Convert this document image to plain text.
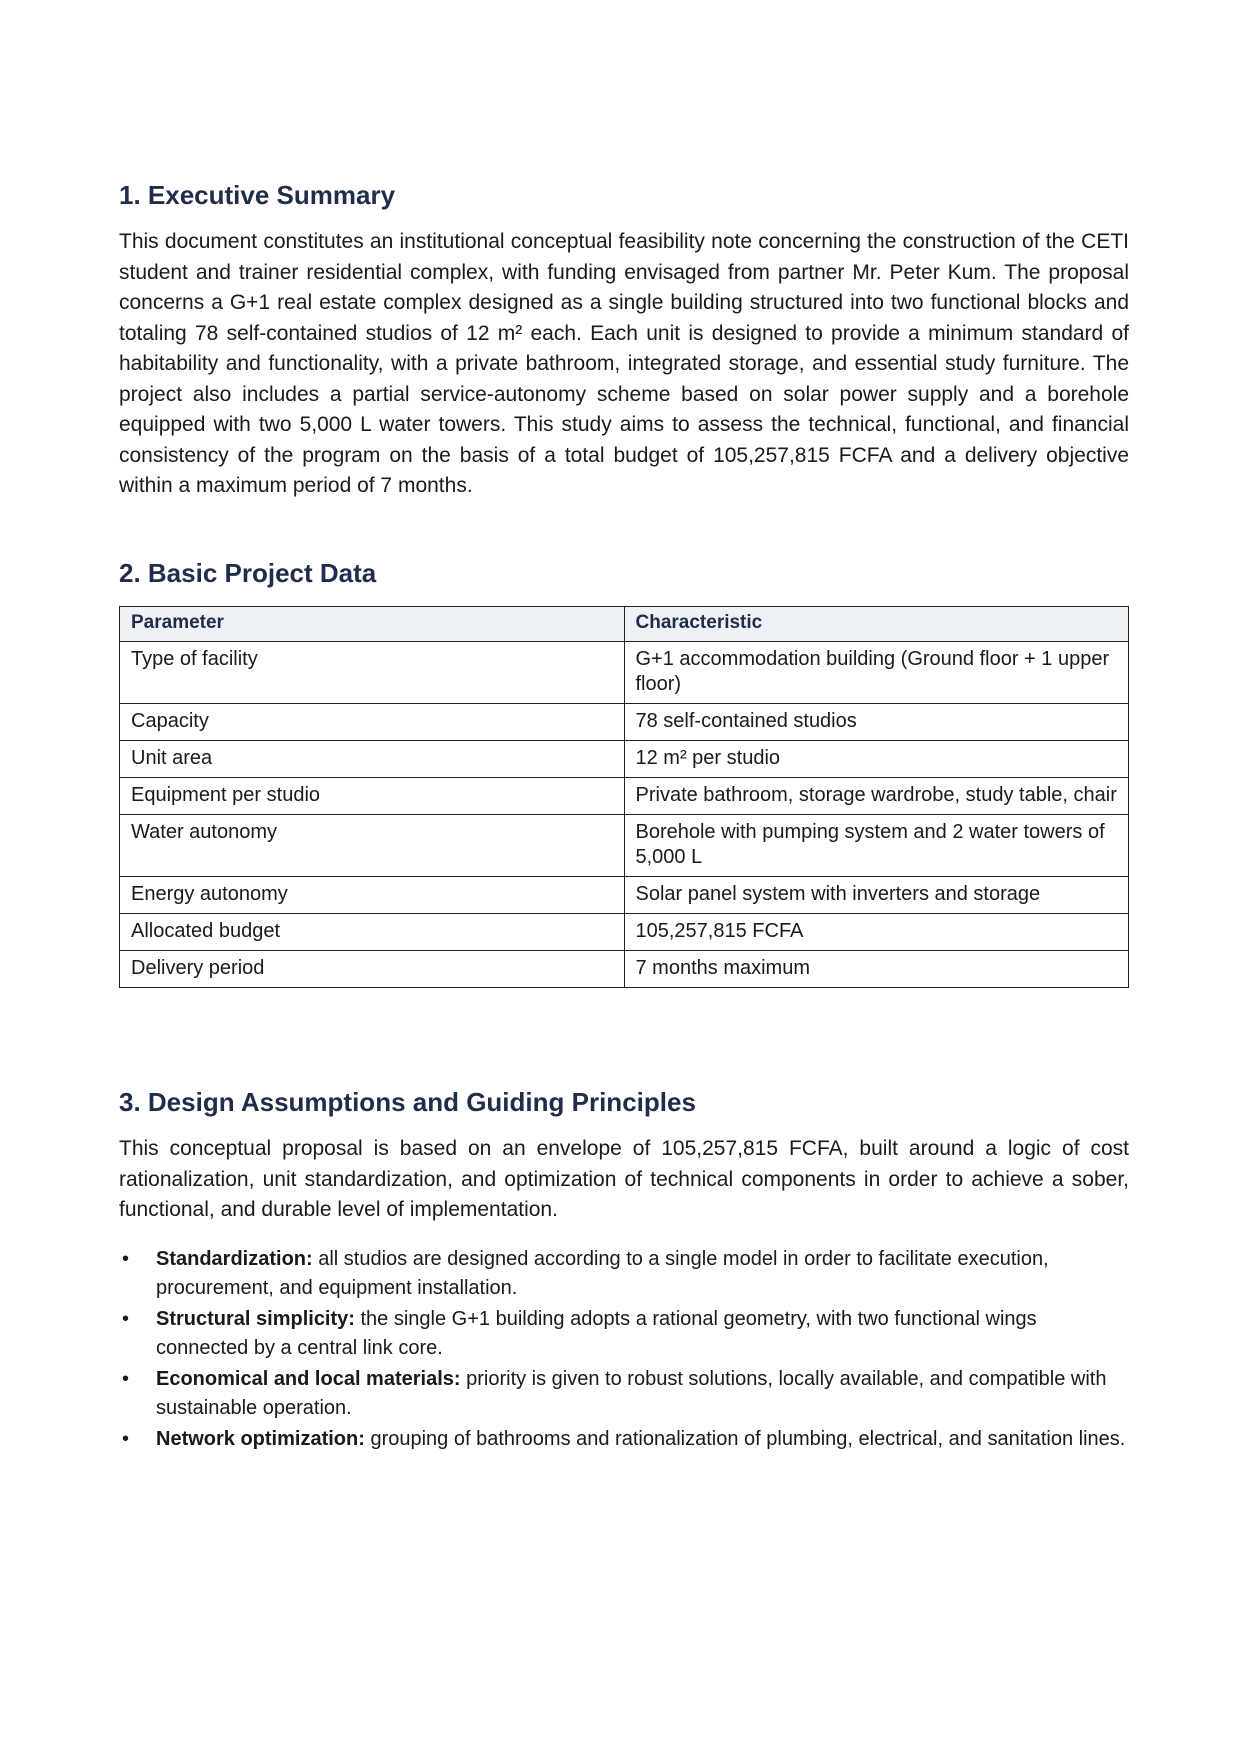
1. Executive Summary

This document constitutes an institutional conceptual feasibility note concerning the construction of the CETI student and trainer residential complex, with funding envisaged from partner Mr. Peter Kum. The proposal concerns a G+1 real estate complex designed as a single building structured into two functional blocks and totaling 78 self-contained studios of 12 m² each. Each unit is designed to provide a minimum standard of habitability and functionality, with a private bathroom, integrated storage, and essential study furniture. The project also includes a partial service-autonomy scheme based on solar power supply and a borehole equipped with two 5,000 L water towers. This study aims to assess the technical, functional, and financial consistency of the program on the basis of a total budget of 105,257,815 FCFA and a delivery objective within a maximum period of 7 months.

2. Basic Project Data
Parameter	Characteristic
Type of facility	G+1 accommodation building (Ground floor + 1 upper floor)
Capacity	78 self-contained studios
Unit area	12 m² per studio
Equipment per studio	Private bathroom, storage wardrobe, study table, chair
Water autonomy	Borehole with pumping system and 2 water towers of 5,000 L
Energy autonomy	Solar panel system with inverters and storage
Allocated budget	105,257,815 FCFA
Delivery period	7 months maximum
3. Design Assumptions and Guiding Principles

This conceptual proposal is based on an envelope of 105,257,815 FCFA, built around a logic of cost rationalization, unit standardization, and optimization of technical components in order to achieve a sober, functional, and durable level of implementation.

• Standardization: all studios are designed according to a single model in order to facilitate execution, procurement, and equipment installation.
• Structural simplicity: the single G+1 building adopts a rational geometry, with two functional wings connected by a central link core.
• Economical and local materials: priority is given to robust solutions, locally available, and compatible with sustainable operation.
• Network optimization: grouping of bathrooms and rationalization of plumbing, electrical, and sanitation lines.
